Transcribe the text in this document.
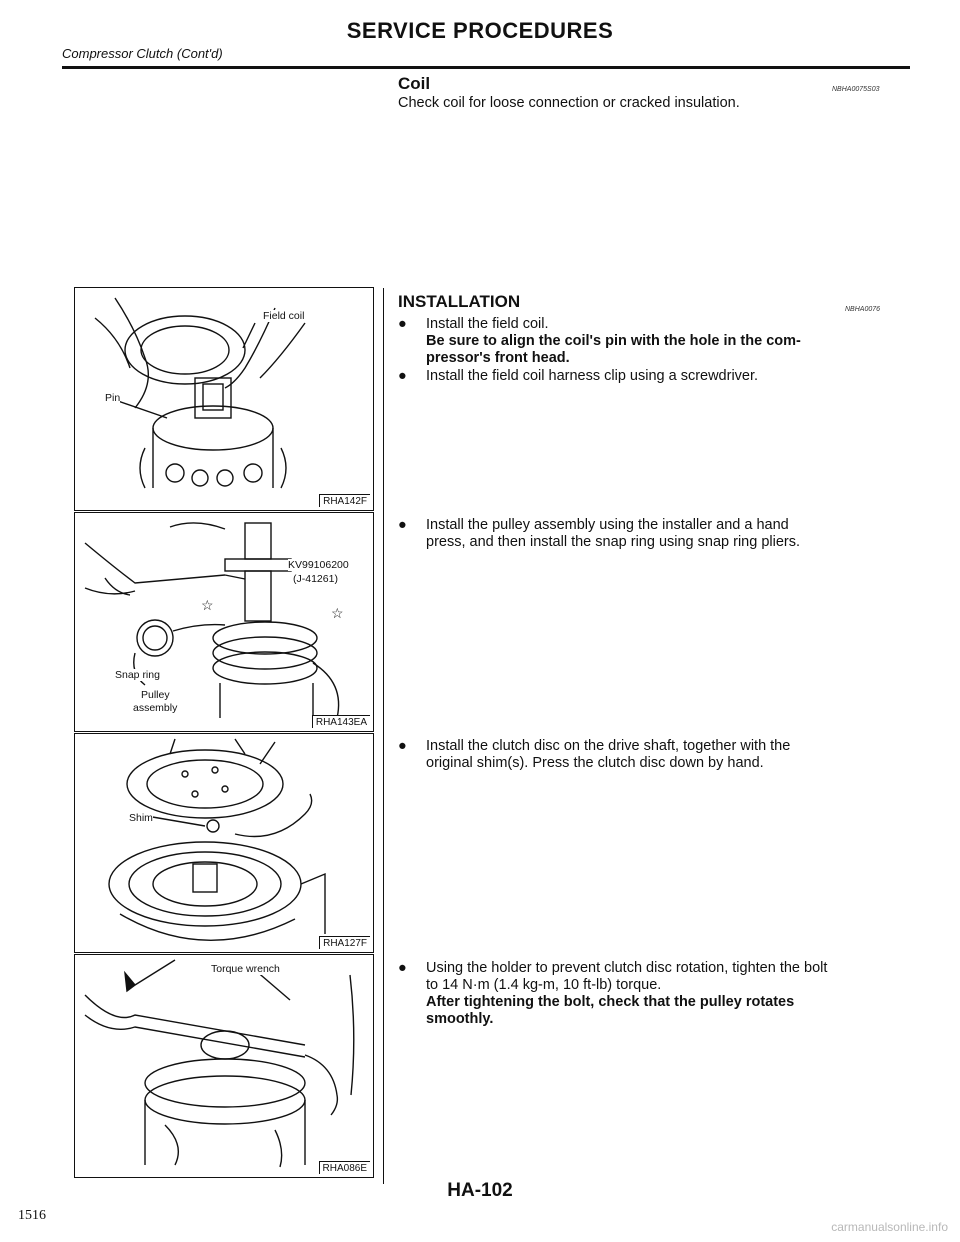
SERVICE PROCEDURES
Compressor Clutch (Cont'd)
Coil	NBHA0075S03
Check coil for loose connection or cracked insulation.
INSTALLATION	NBHA0076
● Install the field coil.
Be sure to align the coil's pin with the hole in the com-
pressor's front head.
● Install the field coil harness clip using a screwdriver.
● Install the pulley assembly using the installer and a hand
press, and then install the snap ring using snap ring pliers.
● Install the clutch disc on the drive shaft, together with the
original shim(s). Press the clutch disc down by hand.
● Using the holder to prevent clutch disc rotation, tighten the bolt
to 14 N·m (1.4 kg-m, 10 ft-lb) torque.
After tightening the bolt, check that the pulley rotates
smoothly.
Field coil
Pin
RHA142F
KV99106200
(J-41261)
Snap ring
Pulley
assembly
☆	☆
RHA143EA
Shim
RHA127F
Torque wrench
RHA086E
HA-102
1516
carmanualsonline.info
